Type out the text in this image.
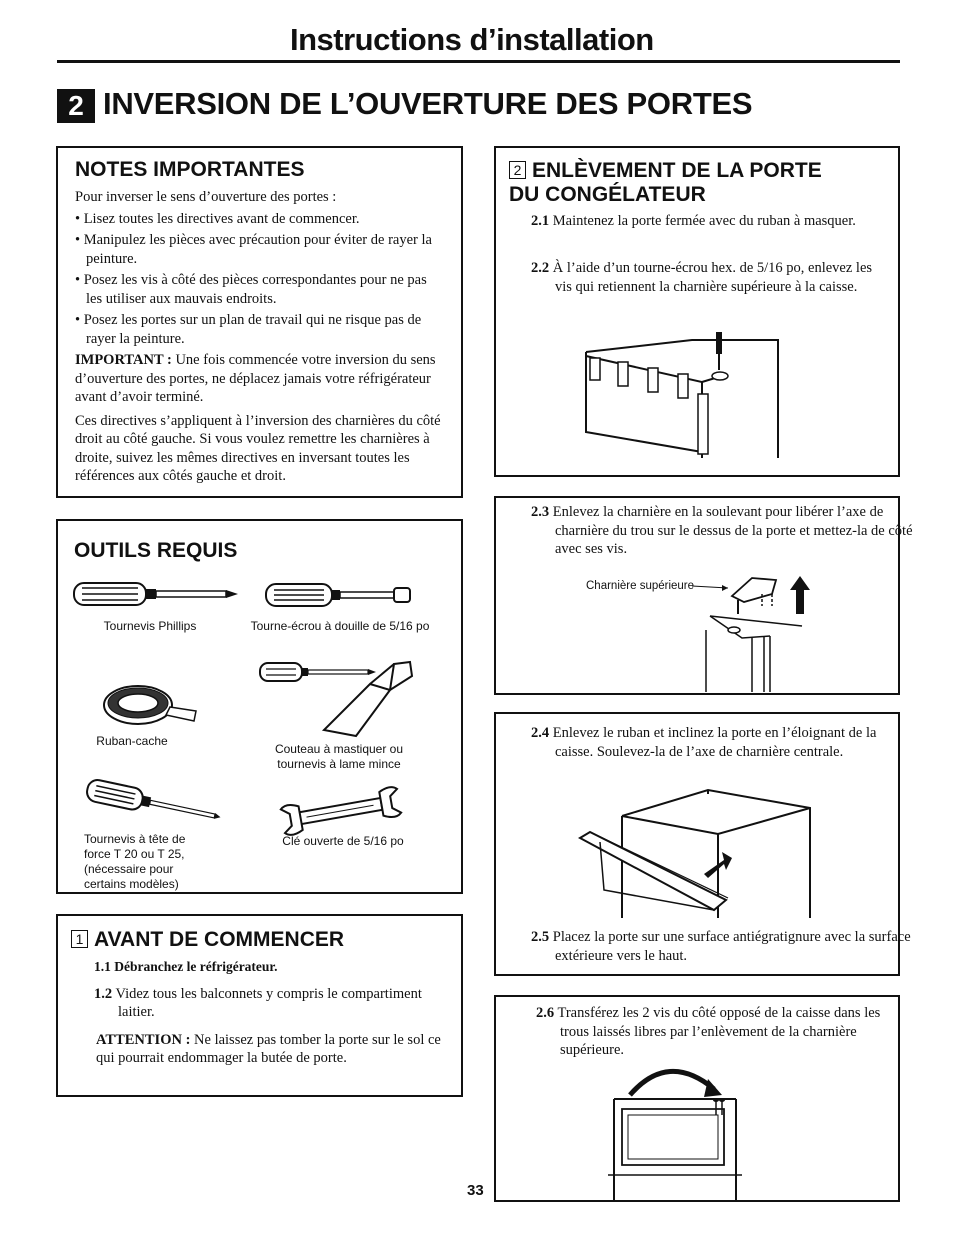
Instructions d’installation
2 INVERSION DE L’OUVERTURE DES PORTES
NOTES IMPORTANTES

Pour inverser le sens d’ouverture des portes :

• Lisez toutes les directives avant de commencer.

• Manipulez les pièces avec précaution pour éviter de rayer la peinture.

• Posez les vis à côté des pièces correspondantes pour ne pas les utiliser aux mauvais endroits.

• Posez les portes sur un plan de travail qui ne risque pas de rayer la peinture.

IMPORTANT : Une fois commencée votre inversion du sens d’ouverture des portes, ne déplacez jamais votre réfrigérateur avant d’avoir terminé.

Ces directives s’appliquent à l’inversion des charnières du côté droit au côté gauche. Si vous voulez remettre les charnières à droite, suivez les mêmes directives en inversant toutes les références aux côtés gauche et droit.

OUTILS REQUIS
Tournevis Phillips	Tourne-écrou à douille de 5/16 po
Ruban-cache
Couteau à mastiquer ou tournevis à lame mince
Tournevis à tête de force T 20 ou T 25, (nécessaire pour certains modèles)
Clé ouverte de 5/16 po
1 AVANT DE COMMENCER

1.1 Débranchez le réfrigérateur.

1.2 Videz tous les balconnets y compris le compartiment laitier.

ATTENTION : Ne laissez pas tomber la porte sur le sol ce qui pourrait endommager la butée de porte.

2 ENLÈVEMENT DE LA PORTE DU CONGÉLATEUR

2.1 Maintenez la porte fermée avec du ruban à masquer.

2.2 À l’aide d’un tourne-écrou hex. de 5/16 po, enlevez les vis qui retiennent la charnière supérieure à la caisse.

2.3 Enlevez la charnière en la soulevant pour libérer l’axe de charnière du trou sur le dessus de la porte et mettez-la de côté avec ses vis.

Charnière supérieure

2.4 Enlevez le ruban et inclinez la porte en l’éloignant de la caisse. Soulevez-la de l’axe de charnière centrale.

2.5 Placez la porte sur une surface antiégratignure avec la surface extérieure vers le haut.

2.6 Transférez les 2 vis du côté opposé de la caisse dans les trous laissés libres par l’enlèvement de la charnière supérieure.

33
